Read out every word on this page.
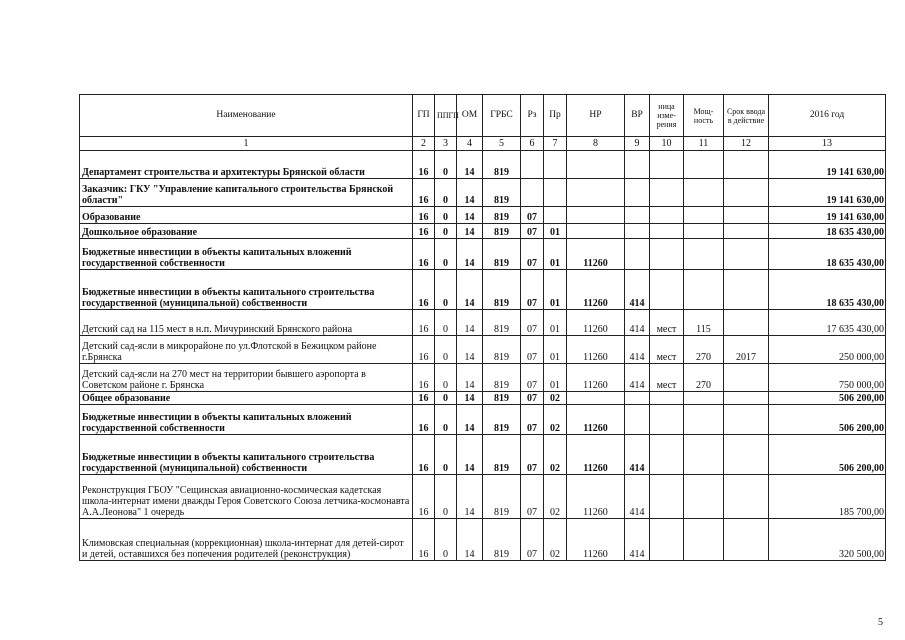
Наименование	ГП	ППГП	ОМ	ГРБС	Рз	Пр	НР	ВР	ница изме-рения	Мощ-ность	Срок ввода в действие	2016 год
1	2	3	4	5	6	7	8	9	10	11	12	13
Департамент строительства и архитектуры Брянской области	16	0	14	819								19 141 630,00
Заказчик: ГКУ "Управление капитального строительства Брянской области"	16	0	14	819								19 141 630,00
Образование	16	0	14	819	07							19 141 630,00
Дошкольное образование	16	0	14	819	07	01						18 635 430,00
Бюджетные инвестиции в объекты капитальных вложений государственной собственности	16	0	14	819	07	01	11260					18 635 430,00
Бюджетные инвестиции в объекты капитального строительства государственной (муниципальной) собственности	16	0	14	819	07	01	11260	414				18 635 430,00
Детский сад на 115 мест в н.п. Мичуринский Брянского района	16	0	14	819	07	01	11260	414	мест	115		17 635 430,00
Детский сад-ясли в микрорайоне по ул.Флотской в Бежицком районе г.Брянска	16	0	14	819	07	01	11260	414	мест	270	2017	250 000,00
Детский сад-ясли на 270 мест на территории бывшего аэропорта в Советском районе г. Брянска	16	0	14	819	07	01	11260	414	мест	270		750 000,00
Общее образование	16	0	14	819	07	02						506 200,00
Бюджетные инвестиции в объекты капитальных вложений государственной собственности	16	0	14	819	07	02	11260					506 200,00
Бюджетные инвестиции в объекты капитального строительства государственной (муниципальной) собственности	16	0	14	819	07	02	11260	414				506 200,00
Реконструкция ГБОУ "Сещинская авиационно-космическая кадетская школа-интернат имени дважды Героя Советского Союза летчика-космонавта А.А.Леонова" 1 очередь	16	0	14	819	07	02	11260	414				185 700,00
Климовская специальная (коррекционная) школа-интернат для детей-сирот и детей, оставшихся без попечения родителей (реконструкция)	16	0	14	819	07	02	11260	414				320 500,00
5
